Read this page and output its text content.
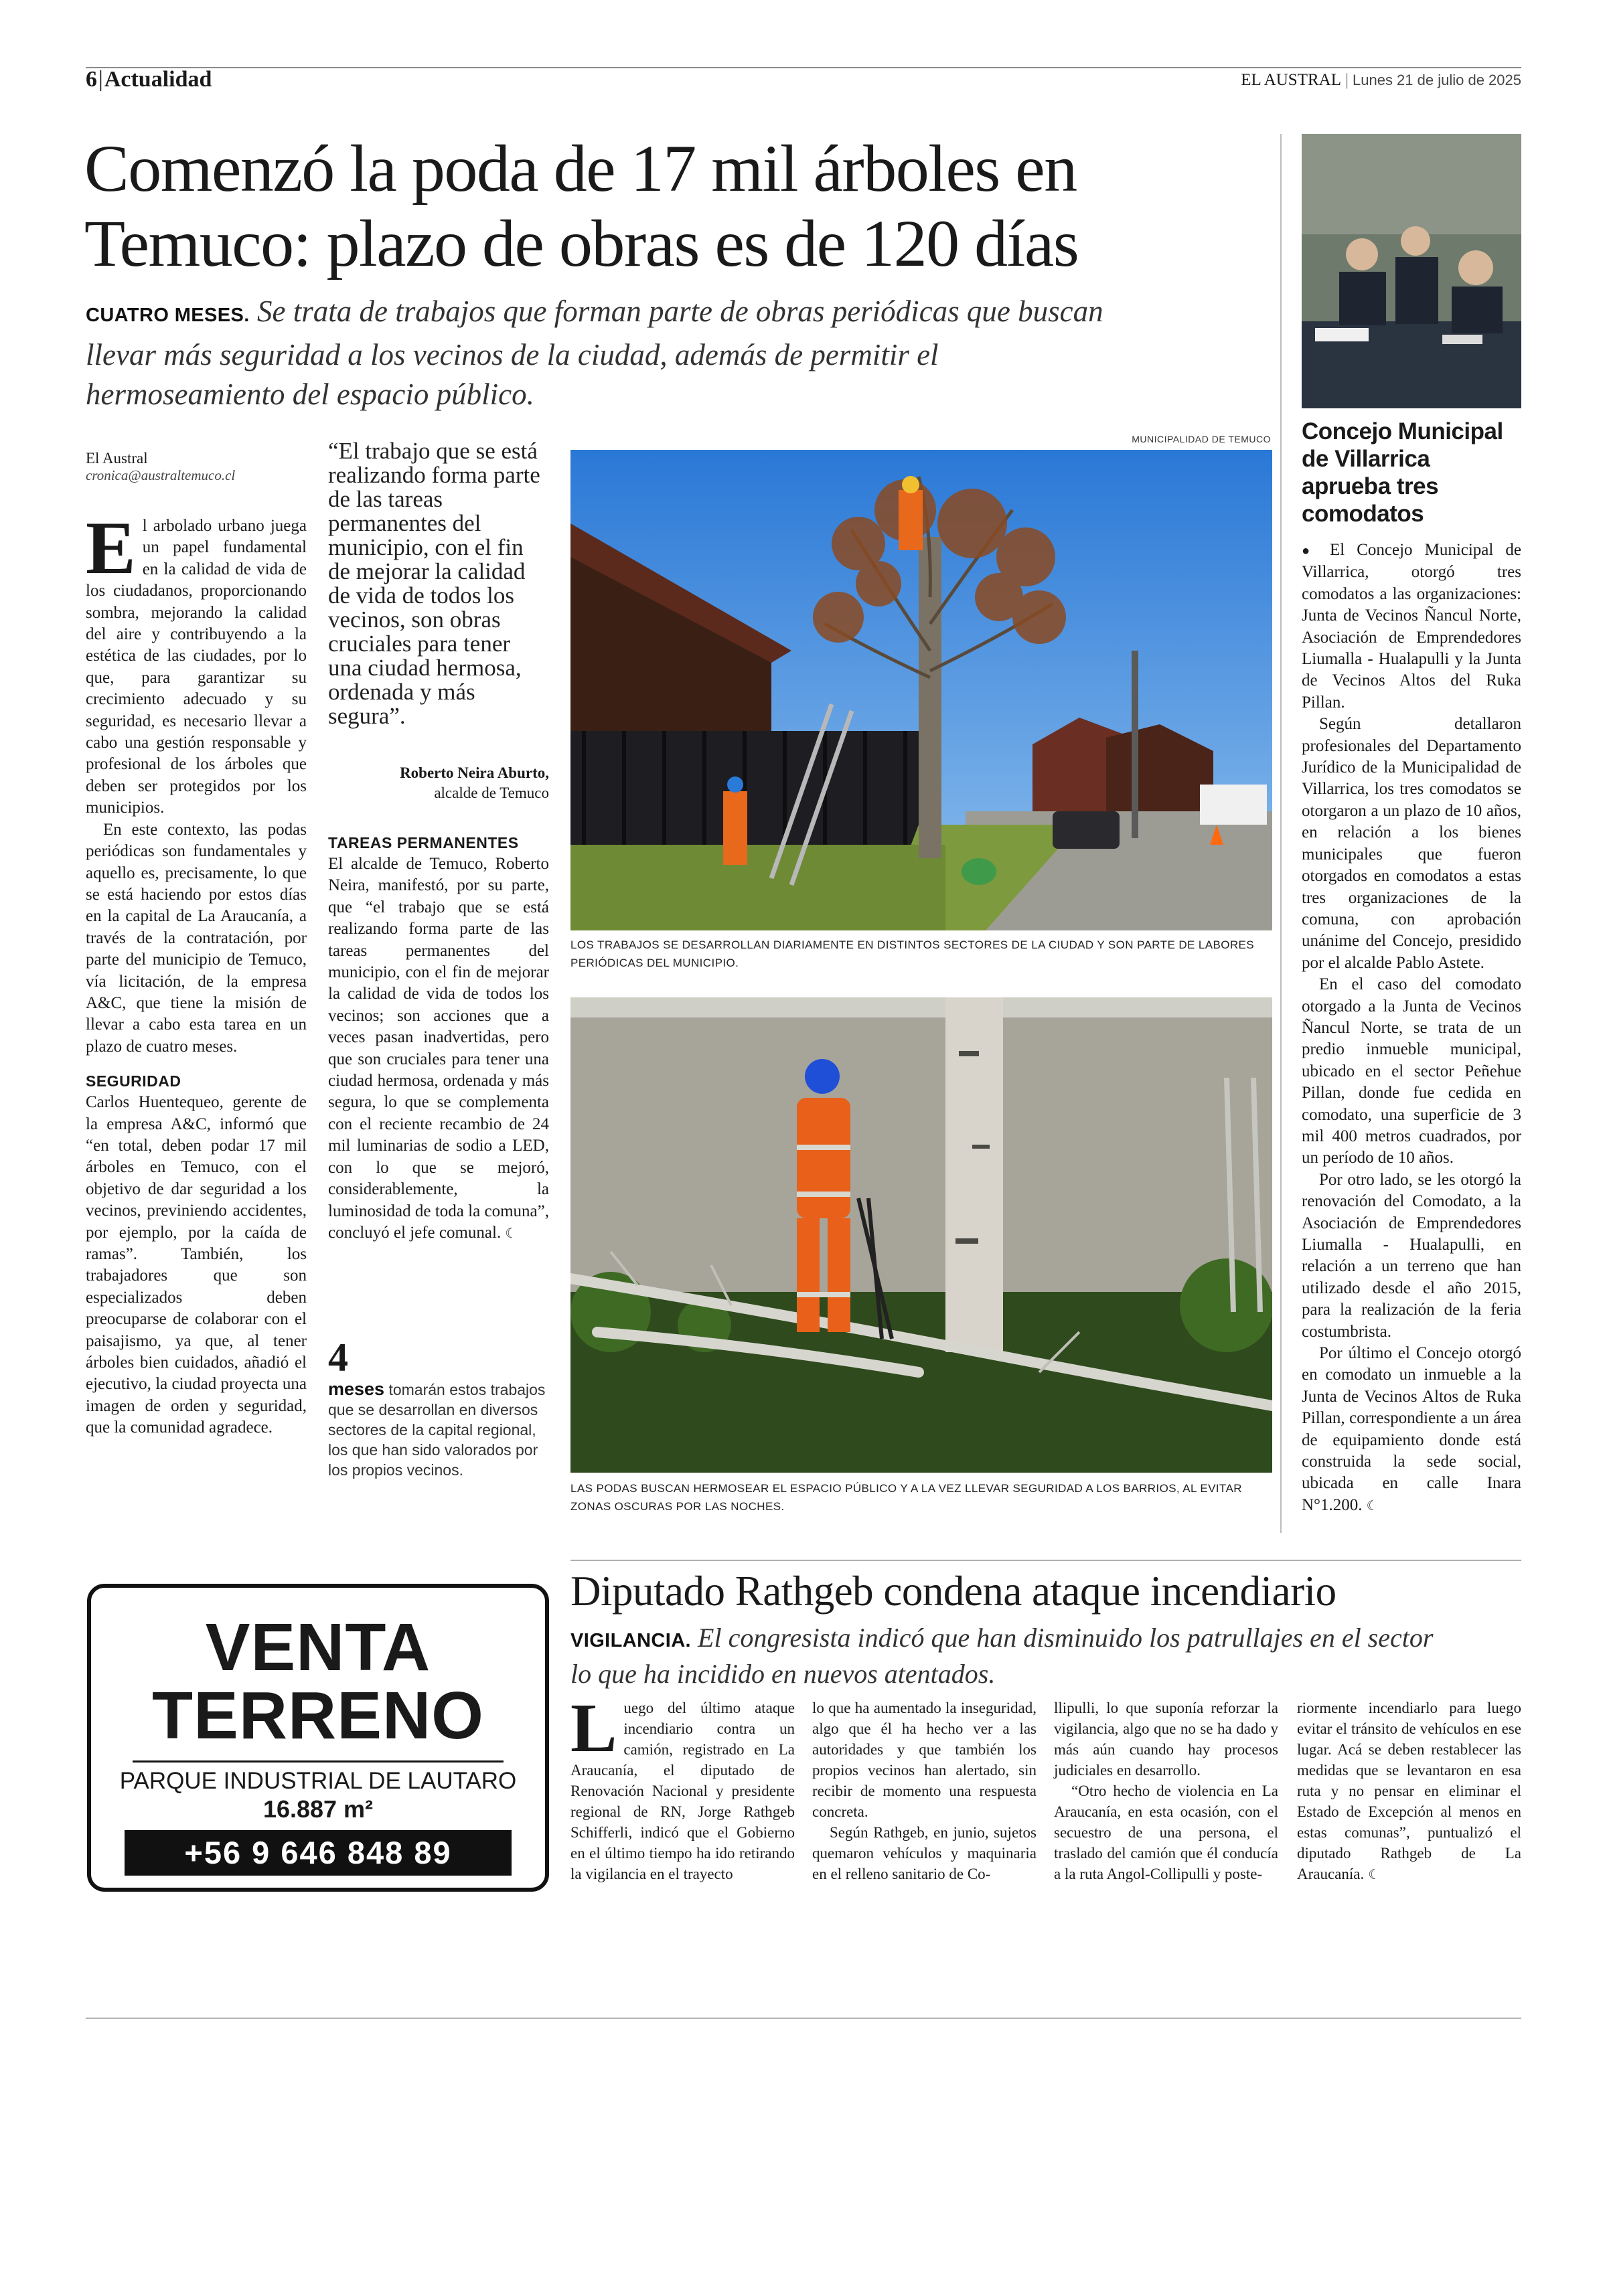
6|Actualidad	EL AUSTRAL | Lunes 21 de julio de 2025
Comenzó la poda de 17 mil árboles en
Temuco: plazo de obras es de 120 días
CUATRO MESES. Se trata de trabajos que forman parte de obras periódicas que buscan
llevar más seguridad a los vecinos de la ciudad, además de permitir el
hermoseamiento del espacio público.
El Austral
cronica@australtemuco.cl

El arbolado urbano juega un papel fundamental en la calidad de vida de los ciudadanos, proporcionando sombra, mejorando la calidad del aire y contribuyendo a la estética de las ciudades, por lo que, para garantizar su crecimiento adecuado y su seguridad, es necesario llevar a cabo una gestión responsable y profesional de los árboles que deben ser protegidos por los municipios.

En este contexto, las podas periódicas son fundamentales y aquello es, precisamente, lo que se está haciendo por estos días en la capital de La Araucanía, a través de la contratación, por parte del municipio de Temuco, vía licitación, de la empresa A&C, que tiene la misión de llevar a cabo esta tarea en un plazo de cuatro meses.

SEGURIDAD

Carlos Huentequeo, gerente de la empresa A&C, informó que “en total, deben podar 17 mil árboles en Temuco, con el objetivo de dar seguridad a los vecinos, previniendo accidentes, por ejemplo, por la caída de ramas”. También, los trabajadores que son especializados deben preocuparse de colaborar con el paisajismo, ya que, al tener árboles bien cuidados, añadió el ejecutivo, la ciudad proyecta una imagen de orden y seguridad, que la comunidad agradece.

“El trabajo que se está realizando forma parte de las tareas permanentes del municipio, con el fin de mejorar la calidad de vida de todos los vecinos, son obras cruciales para tener una ciudad hermosa, ordenada y más segura”.
Roberto Neira Aburto,
alcalde de Temuco
TAREAS PERMANENTES

El alcalde de Temuco, Roberto Neira, manifestó, por su parte, que “el trabajo que se está realizando forma parte de las tareas permanentes del municipio, con el fin de mejorar la calidad de vida de todos los vecinos; son acciones que a veces pasan inadvertidas, pero que son cruciales para tener una ciudad hermosa, ordenada y más segura, lo que se complementa con el reciente recambio de 24 mil luminarias de sodio a LED, con lo que se mejoró, considerablemente, la luminosidad de toda la comuna”, concluyó el jefe comunal. ☾

4

meses tomarán estos trabajos que se desarrollan en diversos sectores de la capital regional, los que han sido valorados por los propios vecinos.

MUNICIPALIDAD DE TEMUCO
LOS TRABAJOS SE DESARROLLAN DIARIAMENTE EN DISTINTOS SECTORES DE LA CIUDAD Y SON PARTE DE LABORES PERIÓDICAS DEL MUNICIPIO.
LAS PODAS BUSCAN HERMOSEAR EL ESPACIO PÚBLICO Y A LA VEZ LLEVAR SEGURIDAD A LOS BARRIOS, AL EVITAR ZONAS OSCURAS POR LAS NOCHES.
Concejo Municipal de Villarrica aprueba tres comodatos

● El Concejo Municipal de Villarrica, otorgó tres comodatos a las organizaciones: Junta de Vecinos Ñancul Norte, Asociación de Emprendedores Liumalla - Hualapulli y la Junta de Vecinos Altos del Ruka Pillan.

Según detallaron profesionales del Departamento Jurídico de la Municipalidad de Villarrica, los tres comodatos se otorgaron a un plazo de 10 años, en relación a los bienes municipales que fueron otorgados en comodatos a estas tres organizaciones de la comuna, con aprobación unánime del Concejo, presidido por el alcalde Pablo Astete.

En el caso del comodato otorgado a la Junta de Vecinos Ñancul Norte, se trata de un predio inmueble municipal, ubicado en el sector Peñehue Pillan, donde fue cedida en comodato, una superficie de 3 mil 400 metros cuadrados, por un período de 10 años.

Por otro lado, se les otorgó la renovación del Comodato, a la Asociación de Emprendedores Liumalla - Hualapulli, en relación a un terreno que han utilizado desde el año 2015, para la realización de la feria costumbrista.

Por último el Concejo otorgó en comodato un inmueble a la Junta de Vecinos Altos de Ruka Pillan, correspondiente a un área de equipamiento donde está construida la sede social, ubicada en calle Inara N°1.200. ☾

VENTA
TERRENO
PARQUE INDUSTRIAL DE LAUTARO
16.887 m²
+56 9 646 848 89
Diputado Rathgeb condena ataque incendiario
VIGILANCIA. El congresista indicó que han disminuido los patrullajes en el sector
lo que ha incidido en nuevos atentados.

Luego del último ataque incendiario contra un camión, registrado en La Araucanía, el diputado de Renovación Nacional y presidente regional de RN, Jorge Rathgeb Schifferli, indicó que el Gobierno en el último tiempo ha ido retirando la vigilancia en el trayecto

lo que ha aumentado la inseguridad, algo que él ha hecho ver a las autoridades y que también los propios vecinos han alertado, sin recibir de momento una respuesta concreta.

Según Rathgeb, en junio, sujetos quemaron vehículos y maquinaria en el relleno sanitario de Co-

llipulli, lo que suponía reforzar la vigilancia, algo que no se ha dado y más aún cuando hay procesos judiciales en desarrollo.

“Otro hecho de violencia en La Araucanía, en esta ocasión, con el secuestro de una persona, el traslado del camión que él conducía a la ruta Angol-Collipulli y poste-

riormente incendiarlo para luego evitar el tránsito de vehículos en ese lugar. Acá se deben restablecer las medidas que se levantaron en esa ruta y no pensar en eliminar el Estado de Excepción al menos en estas comunas”, puntualizó el diputado Rathgeb de La Araucanía. ☾
